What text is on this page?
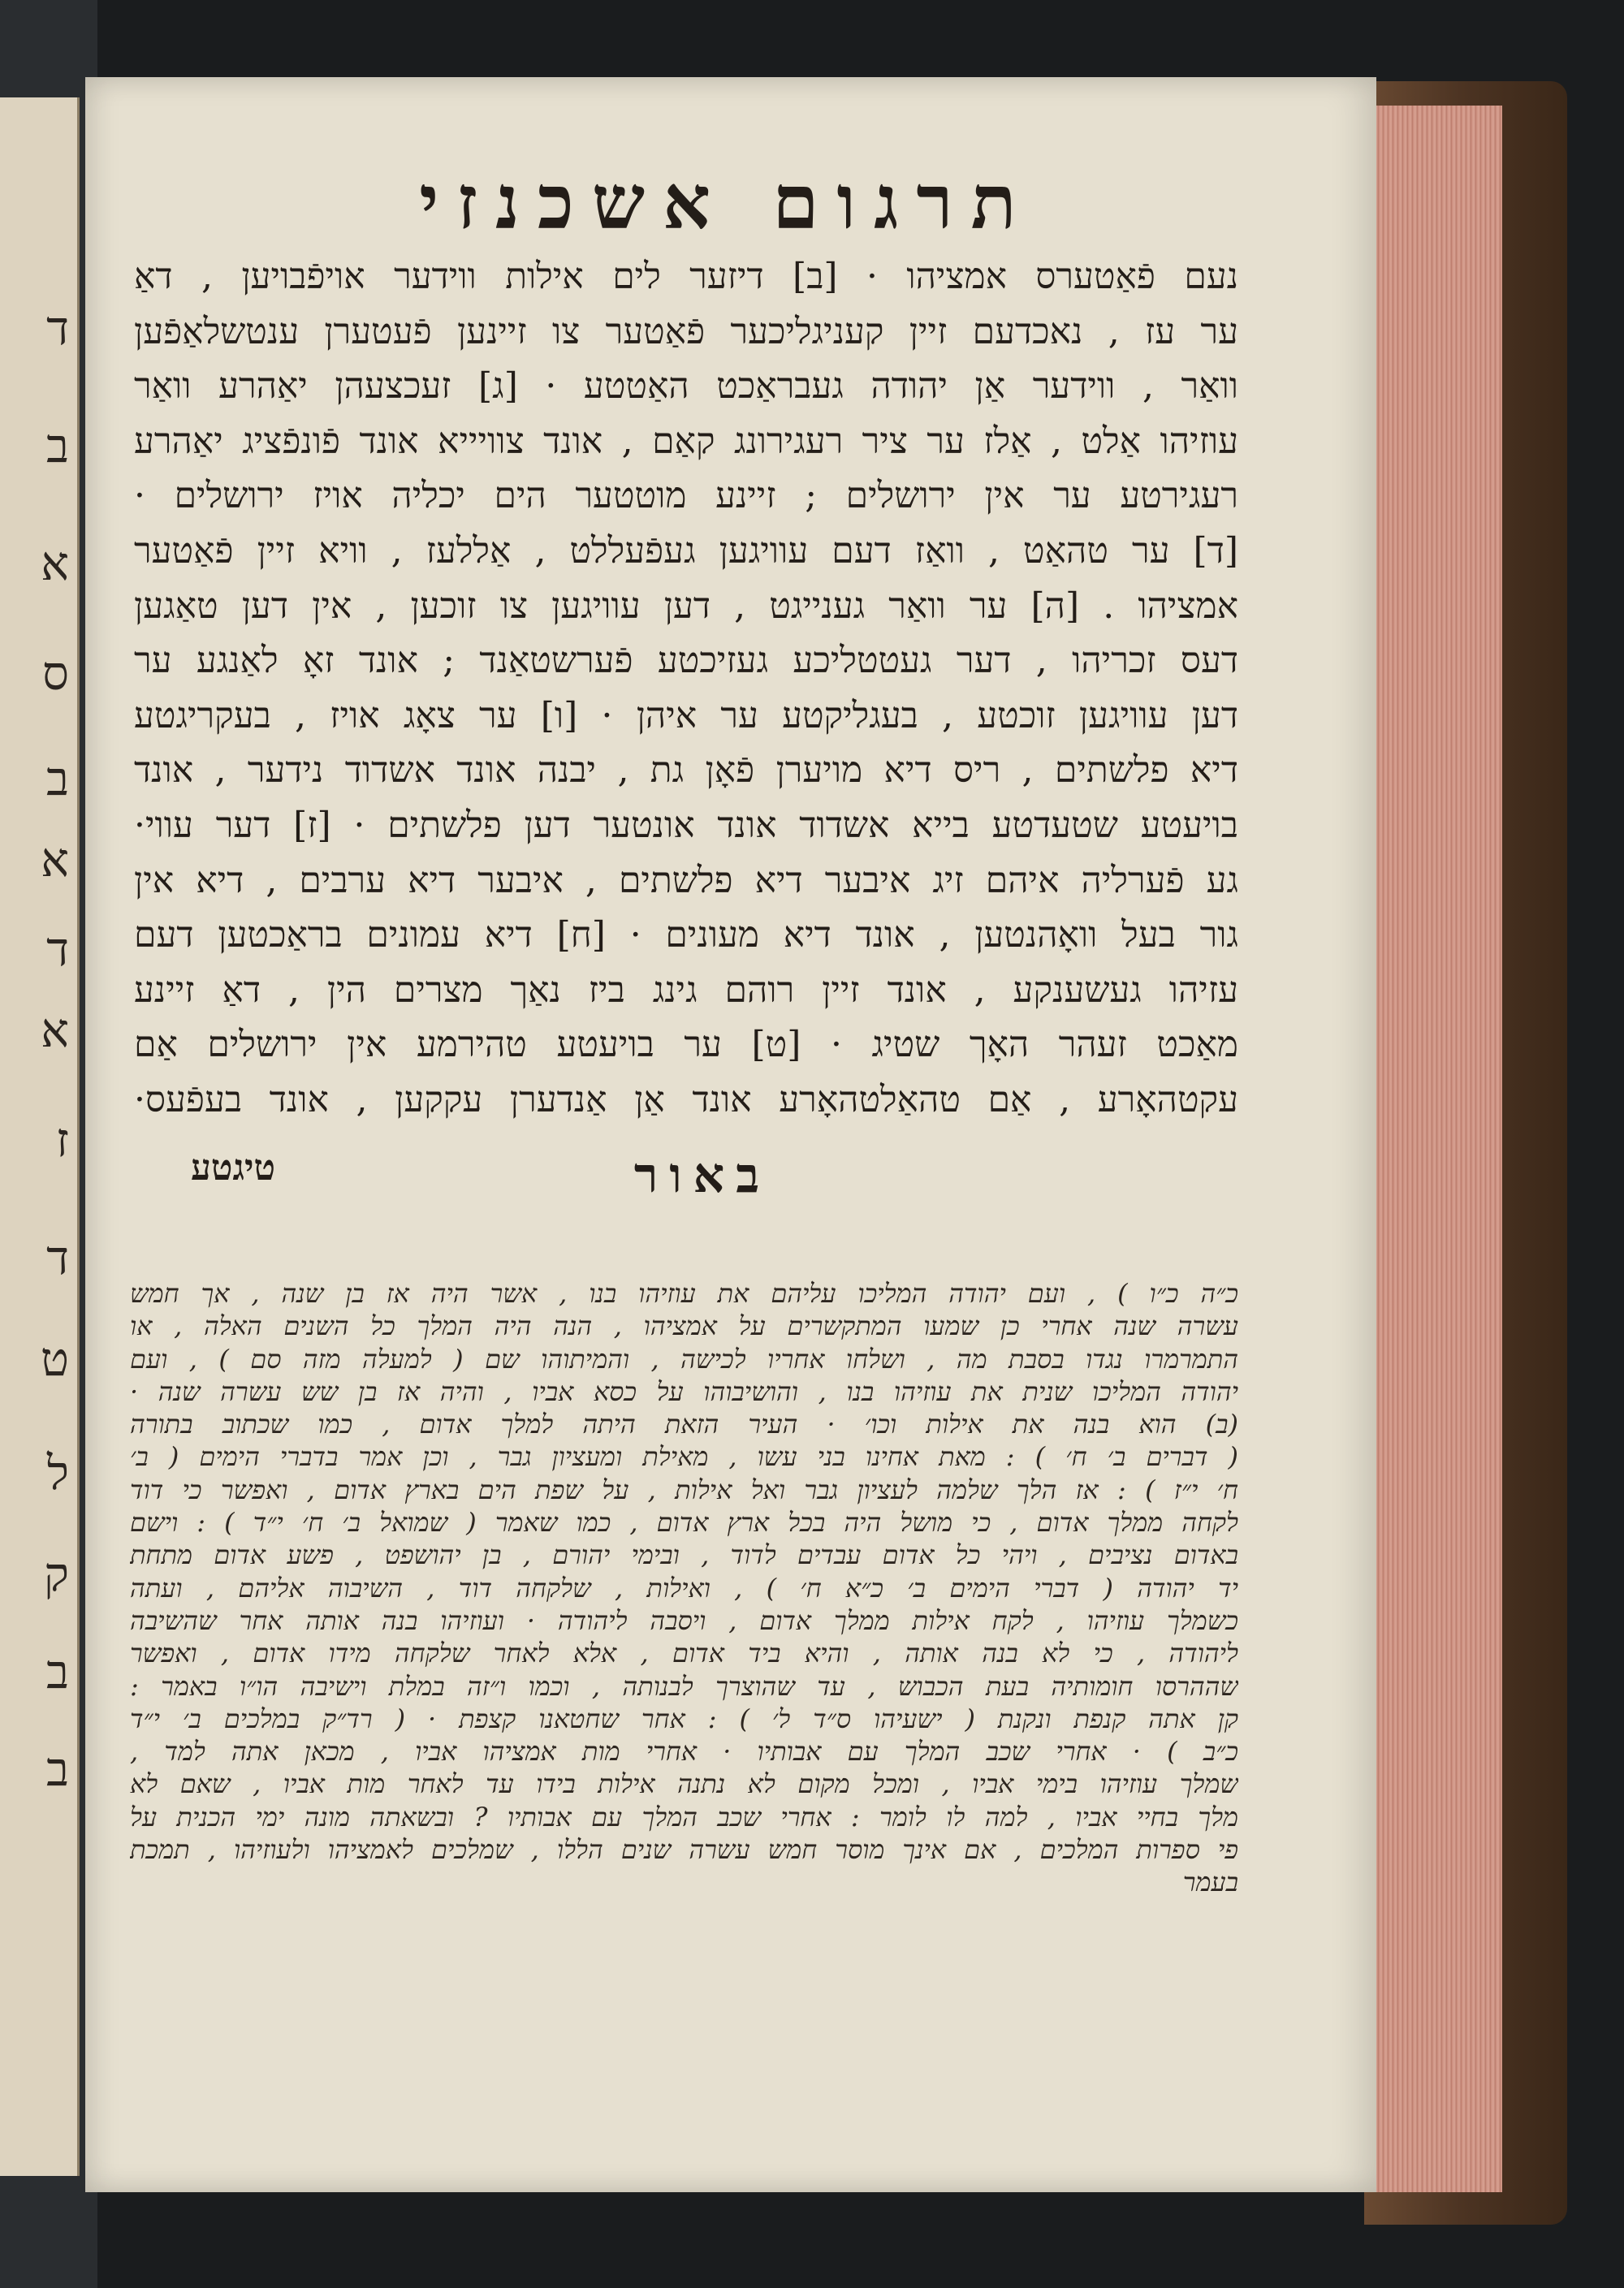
ד
ב
א
ס
ב
א
ד
א
ז
ד
ט
ל
ק
ב
ב
תרגום אשכנזי
נעם פֿאַטערס אמציהו · [ב] דיזער לים אילות ווידער אויפֿבויען , דאַ
ער עז , נאכדעם זיין קעניגליכער פֿאַטער צו זיינען פֿעטערן ענטשלאַפֿען
וואַר , ווידער אַן יהודה געבראַכט האַטטע · [ג] זעכצעהן יאַהרע וואַר
עוזיהו אַלט , אַלז ער ציר רעגירונג קאַם , אונד צוויייא אונד פֿונפֿציג יאַהרע
רעגירטע ער אין ירושלים ; זיינע מוטטער הים יכליה אויז ירושלים ·
[ד] ער טהאַט , וואַז דעם עוויגען געפֿעללט , אַללעז , וויא זיין פֿאַטער
אמציהו . [ה] ער וואַר גענייגט , דען עוויגען צו זוכען , אין דען טאַגען
דעס זכריהו , דער געטטליכע געזיכטע פֿערשטאַנד ; אונד זאָ לאַנגע ער
דען עוויגען זוכטע , בעגליקטע ער איהן · [ו] ער צאָג אויז , בעקריגטע
דיא פלשתים , ריס דיא מויערן פֿאָן גת , יבנה אונד אשדוד נידער , אונד
בויעטע שטעדטע בייא אשדוד אונד אונטער דען פלשתים · [ז] דער עווי·
גע פֿערליה איהם זיג איבער דיא פלשתים , איבער דיא ערבים , דיא אין
גור בעל וואָהנטען , אונד דיא מעונים · [ח] דיא עמונים בראַכטען דעם
עזיהו געשענקע , אונד זיין רוהם גינג ביז נאַך מצרים הין , דאַ זיינע
מאַכט זעהר האָך שטיג · [ט] ער בויעטע טהירמע אין ירושלים אַם
עקטהאָרע , אַם טהאַלטהאָרע אונד אַן אַנדערן עקקען , אונד בעפֿעס·
באור
טיגטע
כ״ה כ״ו ) , ועם יהודה המליכו עליהם את עוזיהו בנו , אשר היה אז בן שנה , אך חמש
עשרה שנה אחרי כן שמעו המתקשרים על אמציהו , הנה היה המלך כל השנים האלה , או
התמרמרו נגדו בסבת מה , ושלחו אחריו לכישה , והמיתוהו שם ( למעלה מזה סם ) , ועם
יהודה המליכו שנית את עוזיהו בנו , והושיבוהו על כסא אביו , והיה אז בן שש עשרה שנה ·
(ב) הוא בנה את אילות וכו׳ · העיר הזאת היתה למלך אדום , כמו שכתוב בתורה
( דברים ב׳ ח׳ ) : מאת אחינו בני עשו , מאילת ומעציון גבר , וכן אמר בדברי הימים ( ב׳
ח׳ י״ז ) : אז הלך שלמה לעציון גבר ואל אילות , על שפת הים בארץ אדום , ואפשר כי דוד
לקחה ממלך אדום , כי מושל היה בכל ארץ אדום , כמו שאמר ( שמואל ב׳ ח׳ י״ד ) : וישם
באדום נציבים , ויהי כל אדום עבדים לדוד , ובימי יהורם , בן יהושפט , פשע אדום מתחת
יד יהודה ( דברי הימים ב׳ כ״א ח׳ ) , ואילות , שלקחה דוד , השיבוה אליהם , ועתה
כשמלך עוזיהו , לקח אילות ממלך אדום , ויסבה ליהודה · ועוזיהו בנה אותה אחר שהשיבה
ליהודה , כי לא בנה אותה , והיא ביד אדום , אלא לאחר שלקחה מידו אדום , ואפשר
שההרסו חומותיה בעת הכבוש , עד שהוצרך לבנותה , וכמו ו״זה במלת וישיבה הו״ו באמר :
קן אתה קנפת ונקנת ( ישעיהו ס״ד ל׳ ) : אחר שחטאנו קצפת · ( רד״ק במלכים ב׳ י״ד
כ״ב ) · אחרי שכב המלך עם אבותיו · אחרי מות אמציהו אביו , מכאן אתה למד ,
שמלך עוזיהו בימי אביו , ומכל מקום לא נתנה אילות בידו עד לאחר מות אביו , שאם לא
מלך בחיי אביו , למה לו לומר : אחרי שכב המלך עם אבותיו ? ובשאתה מונה ימי הכנית על
פי ספרות המלכים , אם אינך מוסר חמש עשרה שנים הללו , שמלכים לאמציהו ולעוזיהו , תמכת
בעמר
